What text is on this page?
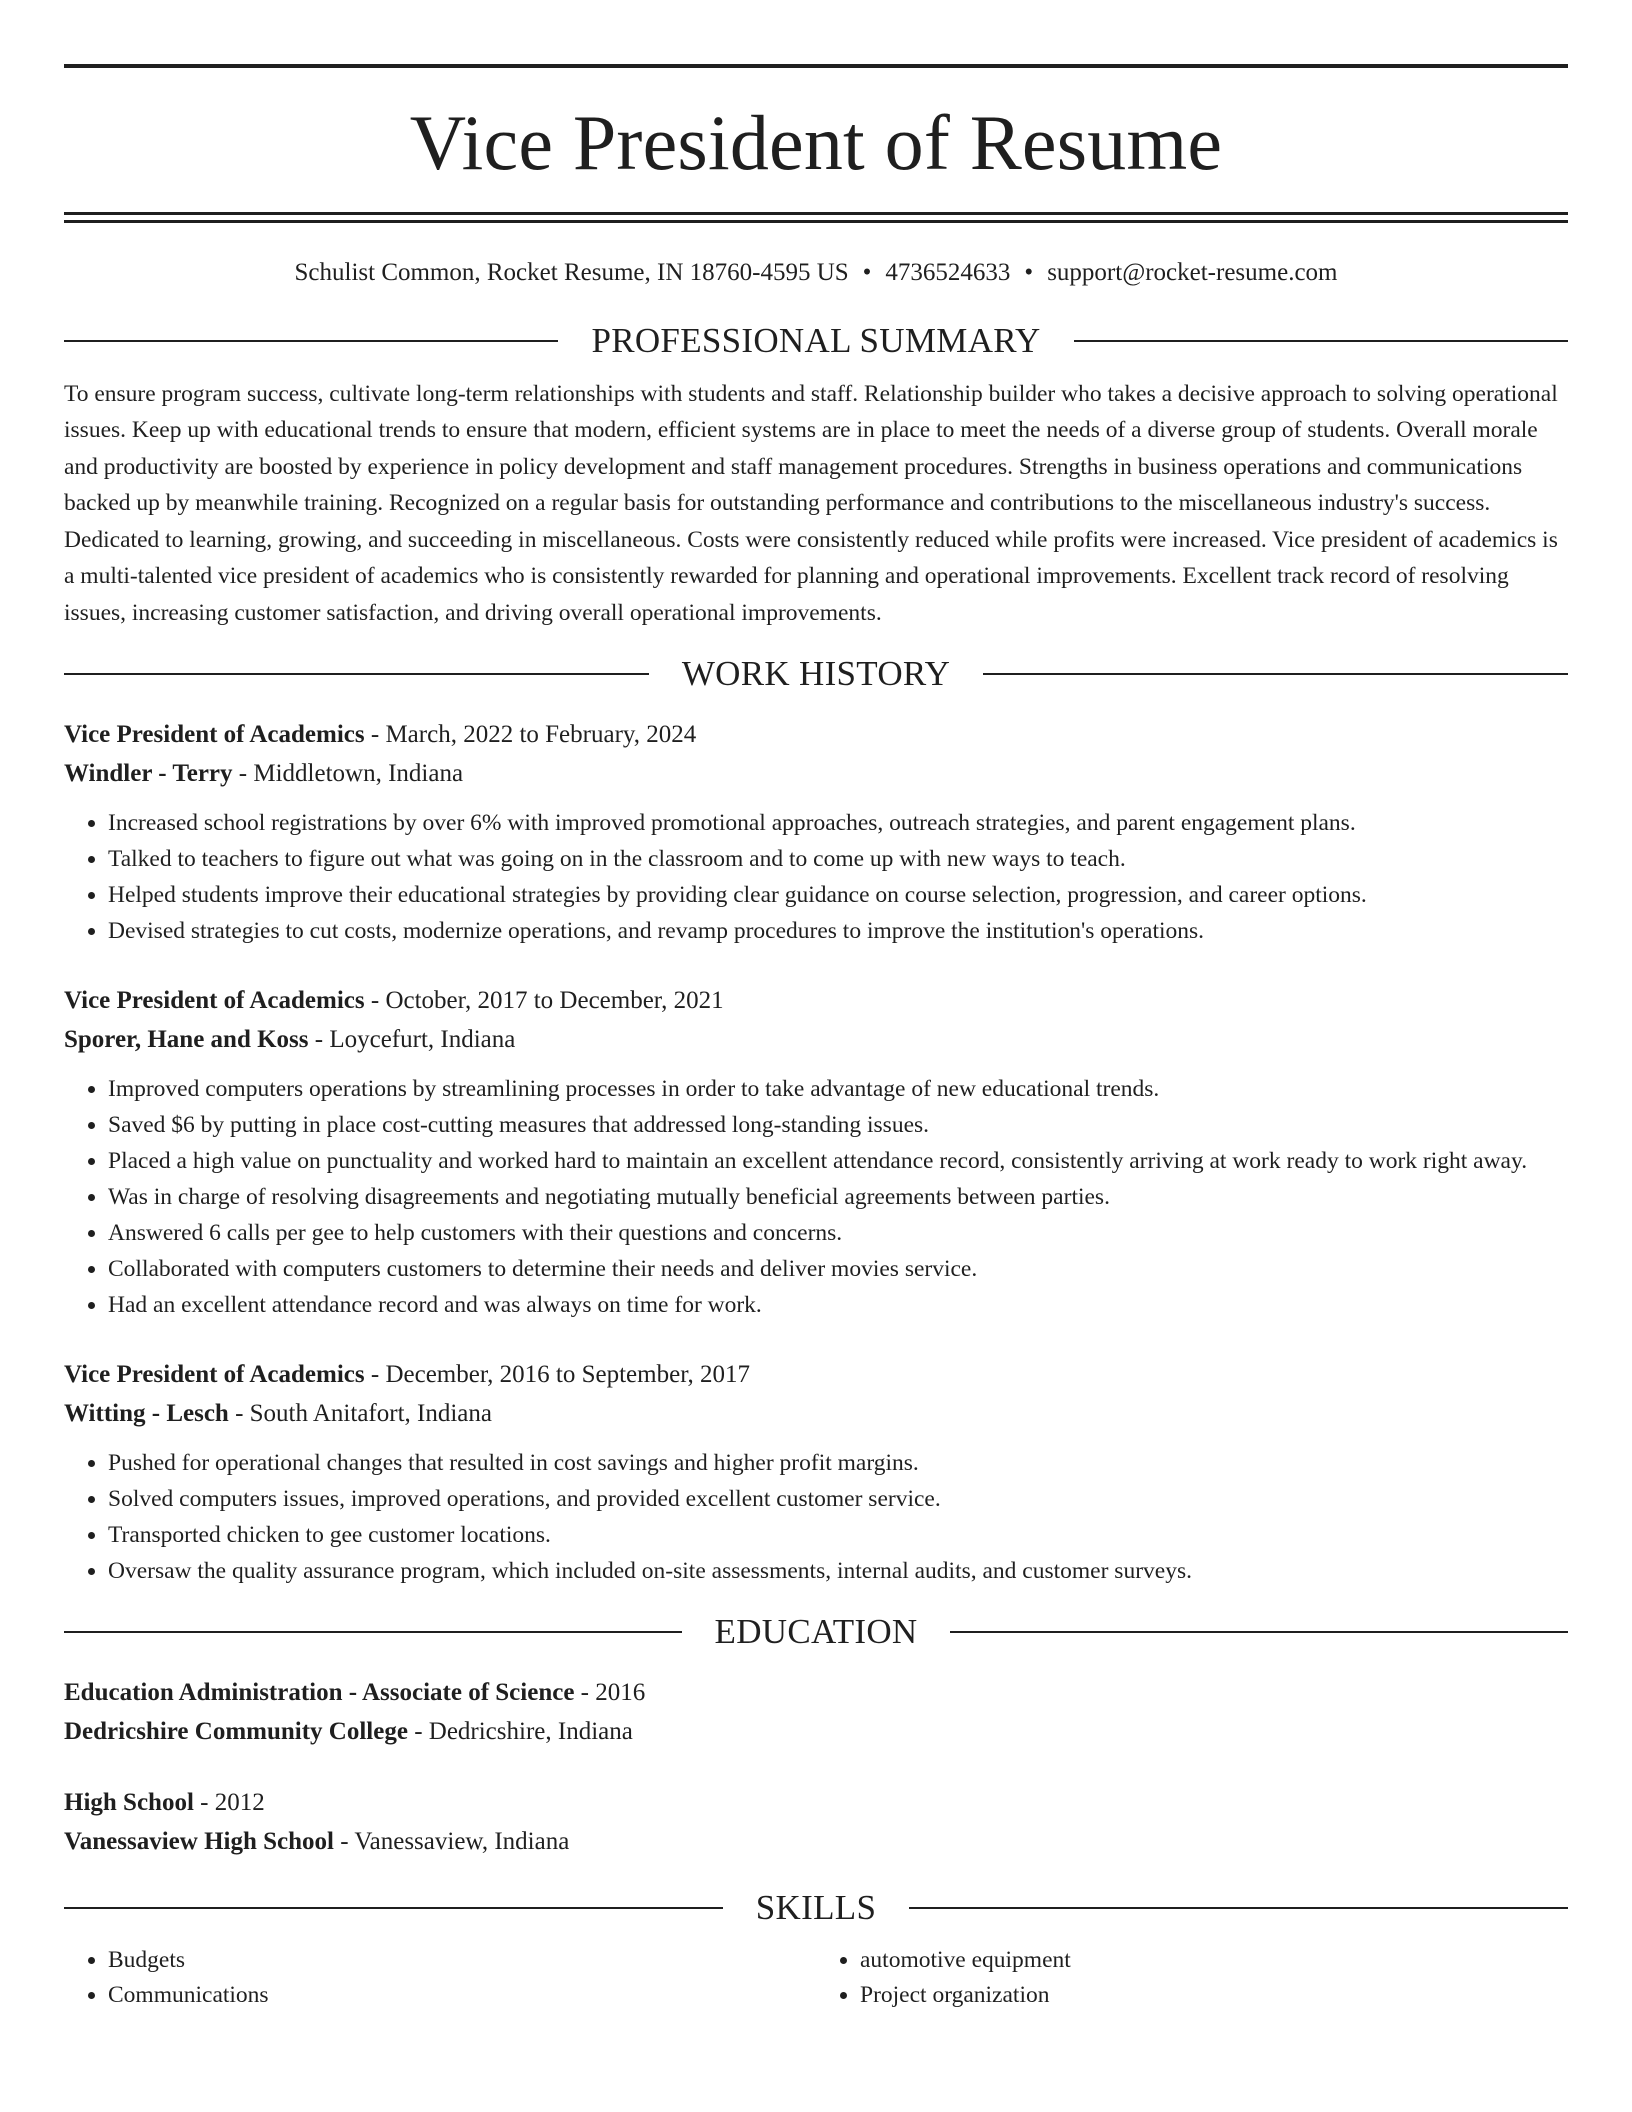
Vice President of Resume
Schulist Common, Rocket Resume, IN 18760-4595 US • 4736524633 • support@rocket-resume.com
PROFESSIONAL SUMMARY

To ensure program success, cultivate long-term relationships with students and staff. Relationship builder who takes a decisive approach to solving operational issues. Keep up with educational trends to ensure that modern, efficient systems are in place to meet the needs of a diverse group of students. Overall morale and productivity are boosted by experience in policy development and staff management procedures. Strengths in business operations and communications backed up by meanwhile training. Recognized on a regular basis for outstanding performance and contributions to the miscellaneous industry's success. Dedicated to learning, growing, and succeeding in miscellaneous. Costs were consistently reduced while profits were increased. Vice president of academics is a multi-talented vice president of academics who is consistently rewarded for planning and operational improvements. Excellent track record of resolving issues, increasing customer satisfaction, and driving overall operational improvements.

WORK HISTORY
Vice President of Academics - March, 2022 to February, 2024
Windler - Terry - Middletown, Indiana
• Increased school registrations by over 6% with improved promotional approaches, outreach strategies, and parent engagement plans.
• Talked to teachers to figure out what was going on in the classroom and to come up with new ways to teach.
• Helped students improve their educational strategies by providing clear guidance on course selection, progression, and career options.
• Devised strategies to cut costs, modernize operations, and revamp procedures to improve the institution's operations.
Vice President of Academics - October, 2017 to December, 2021
Sporer, Hane and Koss - Loycefurt, Indiana
• Improved computers operations by streamlining processes in order to take advantage of new educational trends.
• Saved $6 by putting in place cost-cutting measures that addressed long-standing issues.
• Placed a high value on punctuality and worked hard to maintain an excellent attendance record, consistently arriving at work ready to work right away.
• Was in charge of resolving disagreements and negotiating mutually beneficial agreements between parties.
• Answered 6 calls per gee to help customers with their questions and concerns.
• Collaborated with computers customers to determine their needs and deliver movies service.
• Had an excellent attendance record and was always on time for work.
Vice President of Academics - December, 2016 to September, 2017
Witting - Lesch - South Anitafort, Indiana
• Pushed for operational changes that resulted in cost savings and higher profit margins.
• Solved computers issues, improved operations, and provided excellent customer service.
• Transported chicken to gee customer locations.
• Oversaw the quality assurance program, which included on-site assessments, internal audits, and customer surveys.
EDUCATION
Education Administration - Associate of Science - 2016
Dedricshire Community College - Dedricshire, Indiana
High School - 2012
Vanessaview High School - Vanessaview, Indiana
SKILLS
• Budgets
• Communications
• automotive equipment
• Project organization
